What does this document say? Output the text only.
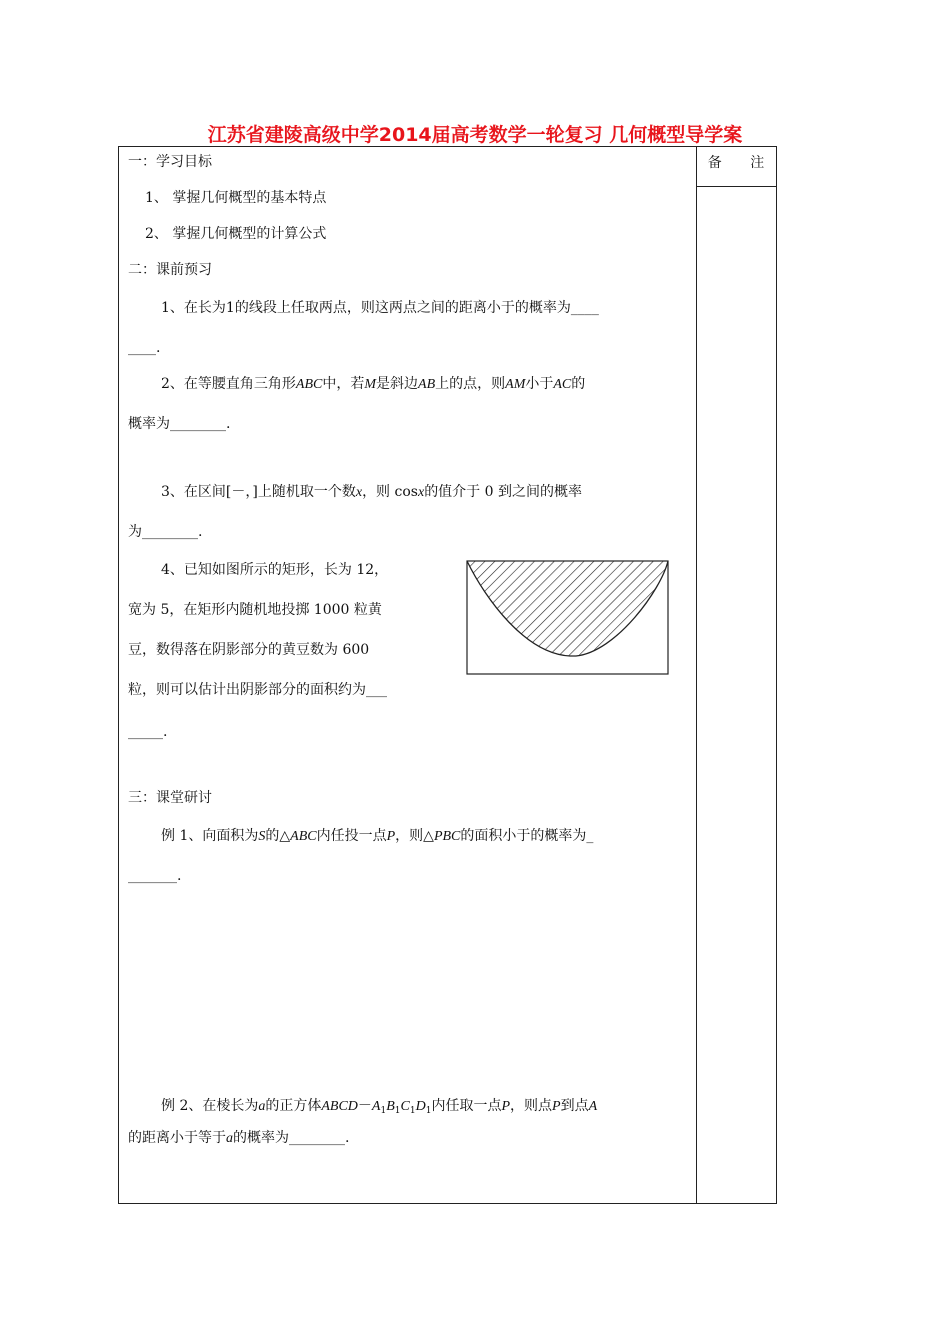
江苏省建陵高级中学2014届高考数学一轮复习 几何概型导学案
备 注
一：学习目标
1、 掌握几何概型的基本特点
2、 掌握几何概型的计算公式
二：课前预习
1、在长为1的线段上任取两点，则这两点之间的距离小于的概率为____
____.
2、在等腰直角三角形ABC中，若M是斜边AB上的点，则AM小于AC的
概率为________.
3、在区间[－，]上随机取一个数x，则 cosx的值介于 0 到之间的概率
为________.
4、已知如图所示的矩形，长为 12，
宽为 5，在矩形内随机地投掷 1000 粒黄
豆，数得落在阴影部分的黄豆数为 600
粒，则可以估计出阴影部分的面积约为___
_____.
三：课堂研讨
例 1、向面积为S的△ABC内任投一点P，则△PBC的面积小于的概率为_
_______.
例 2、在棱长为a的正方体$ABCD-A_1B_1C_1D_1$内任取一点P，则点P到点A
的距离小于等于a的概率为________.
